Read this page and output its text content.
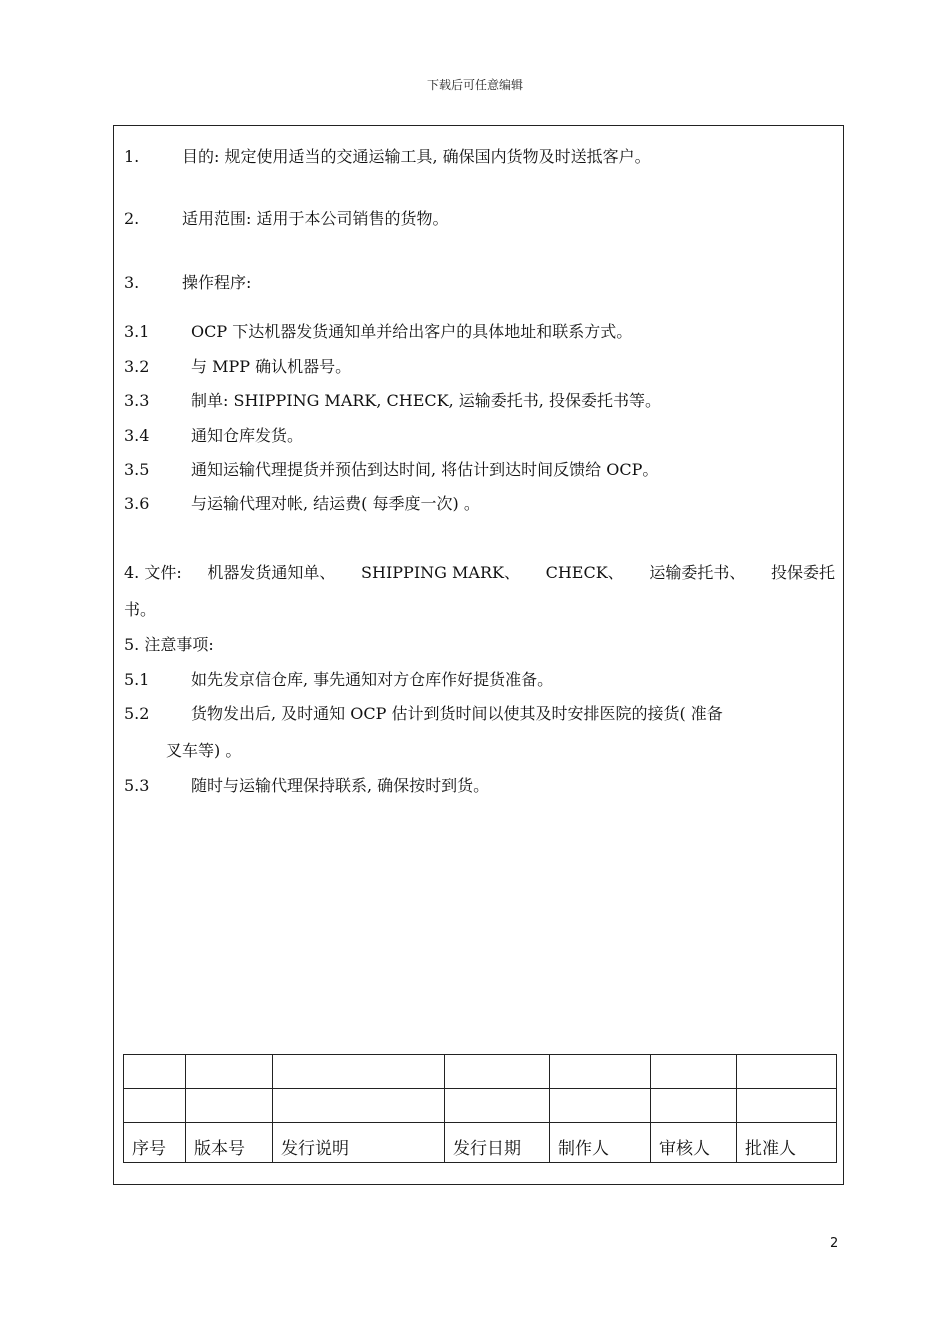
下载后可任意编辑
1.	目的: 规定使用适当的交通运输工具, 确保国内货物及时送抵客户。
2.	适用范围: 适用于本公司销售的货物。
3.	操作程序:
3.1	OCP 下达机器发货通知单并给出客户的具体地址和联系方式。
3.2	与 MPP 确认机器号。
3.3	制单: SHIPPING MARK, CHECK, 运输委托书, 投保委托书等。
3.4	通知仓库发货。
3.5	通知运输代理提货并预估到达时间, 将估计到达时间反馈给 OCP。
3.6	与运输代理对帐, 结运费( 每季度一次) 。
4. 文件: 机器发货通知单、 SHIPPING MARK、 CHECK、 运输委托书、 投保委托
书。
5. 注意事项:
5.1	如先发京信仓库, 事先通知对方仓库作好提货准备。
5.2	货物发出后, 及时通知 OCP 估计到货时间以使其及时安排医院的接货( 准备
叉车等) 。
5.3	随时与运输代理保持联系, 确保按时到货。

序号	版本号	发行说明	发行日期	制作人	审核人	批准人
2
